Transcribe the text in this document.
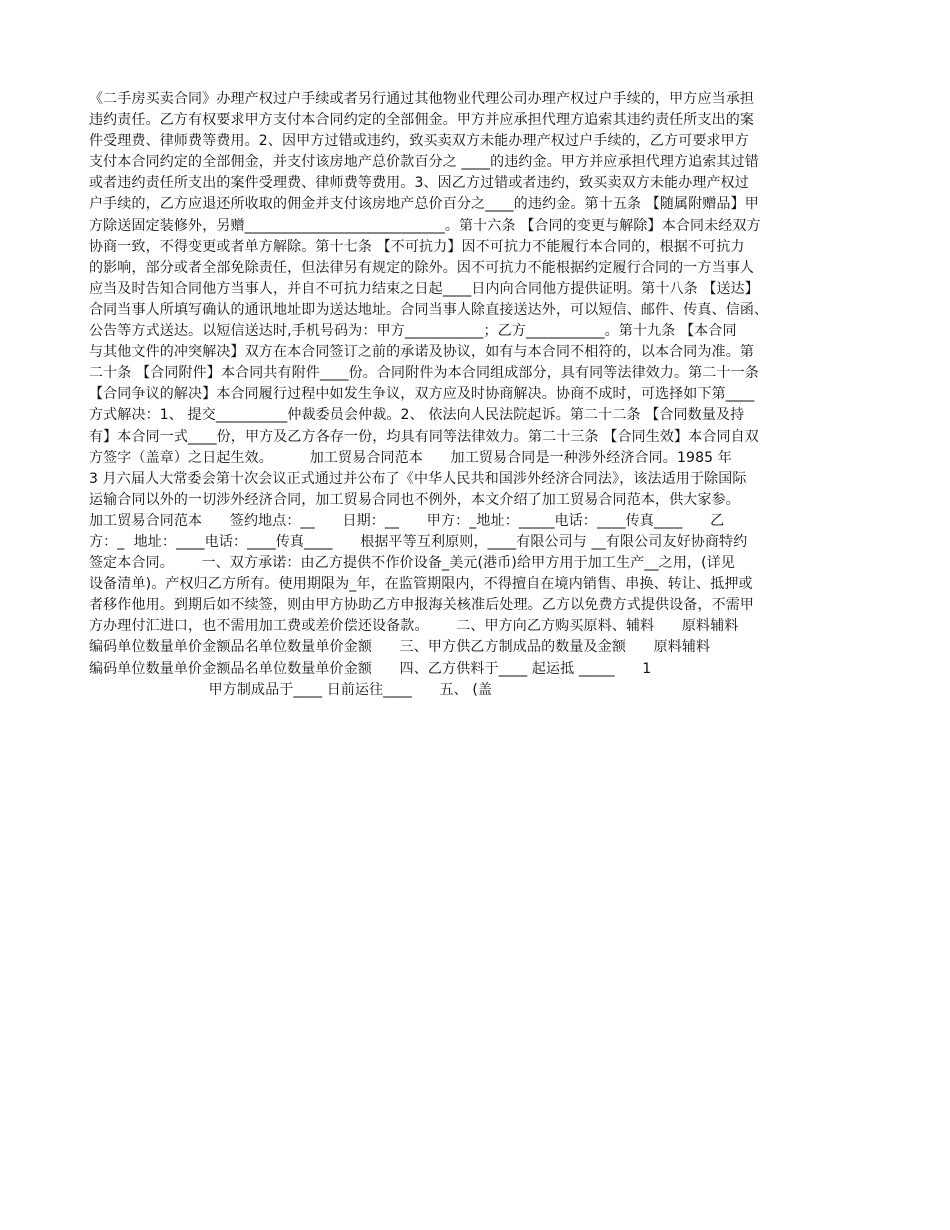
《二手房买卖合同》办理产权过户手续或者另行通过其他物业代理公司办理产权过户手续的，甲方应当承担
违约责任。乙方有权要求甲方支付本合同约定的全部佣金。甲方并应承担代理方追索其违约责任所支出的案
件受理费、律师费等费用。2、因甲方过错或违约，致买卖双方未能办理产权过户手续的，乙方可要求甲方
支付本合同约定的全部佣金，并支付该房地产总价款百分之 ____的违约金。甲方并应承担代理方追索其过错
或者违约责任所支出的案件受理费、律师费等费用。3、因乙方过错或者违约，致买卖双方未能办理产权过
户手续的，乙方应退还所收取的佣金并支付该房地产总价百分之____的违约金。第十五条 【随属附赠品】甲
方除送固定装修外，另赠____________________________。第十六条 【合同的变更与解除】本合同未经双方
协商一致，不得变更或者单方解除。第十七条 【不可抗力】因不可抗力不能履行本合同的，根据不可抗力
的影响，部分或者全部免除责任，但法律另有规定的除外。因不可抗力不能根据约定履行合同的一方当事人
应当及时告知合同他方当事人，并自不可抗力结束之日起____日内向合同他方提供证明。第十八条 【送达】
合同当事人所填写确认的通讯地址即为送达地址。合同当事人除直接送达外，可以短信、邮件、传真、信函、
公告等方式送达。以短信送达时,手机号码为：甲方___________；乙方___________。第十九条 【本合同
与其他文件的冲突解决】双方在本合同签订之前的承诺及协议，如有与本合同不相符的，以本合同为准。第
二十条 【合同附件】本合同共有附件____份。合同附件为本合同组成部分，具有同等法律效力。第二十一条
【合同争议的解决】本合同履行过程中如发生争议，双方应及时协商解决。协商不成时，可选择如下第____
方式解决：1、 提交__________仲裁委员会仲裁。2、 依法向人民法院起诉。第二十二条 【合同数量及持
有】本合同一式____份，甲方及乙方各存一份，均具有同等法律效力。第二十三条 【合同生效】本合同自双
方签字（盖章）之日起生效。        加工贸易合同范本      加工贸易合同是一种涉外经济合同。1985 年
3 月六届人大常委会第十次会议正式通过并公布了《中华人民共和国涉外经济合同法》，该法适用于除国际
运输合同以外的一切涉外经济合同，加工贸易合同也不例外，本文介绍了加工贸易合同范本，供大家参。
加工贸易合同范本      签约地点：__      日期：__      甲方：_地址：_____电话：____传真____      乙
方：_  地址：____电话：____传真____      根据平等互利原则，____有限公司与 __有限公司友好协商特约
签定本合同。      一、双方承诺：由乙方提供不作价设备_美元(港币)给甲方用于加工生产__之用，(详见
设备清单)。产权归乙方所有。使用期限为_年，在监管期限内，不得擅自在境内销售、串换、转让、抵押或
者移作他用。到期后如不续签，则由甲方协助乙方申报海关核准后处理。乙方以免费方式提供设备，不需甲
方办理付汇进口，也不需用加工费或差价偿还设备款。      二、甲方向乙方购买原料、辅料      原料辅料
编码单位数量单价金额品名单位数量单价金额      三、甲方供乙方制成品的数量及金额      原料辅料
编码单位数量单价金额品名单位数量单价金额      四、乙方供料于____ 起运抵 _____      1
甲方制成品于____ 日前运往____      五、 (盖
